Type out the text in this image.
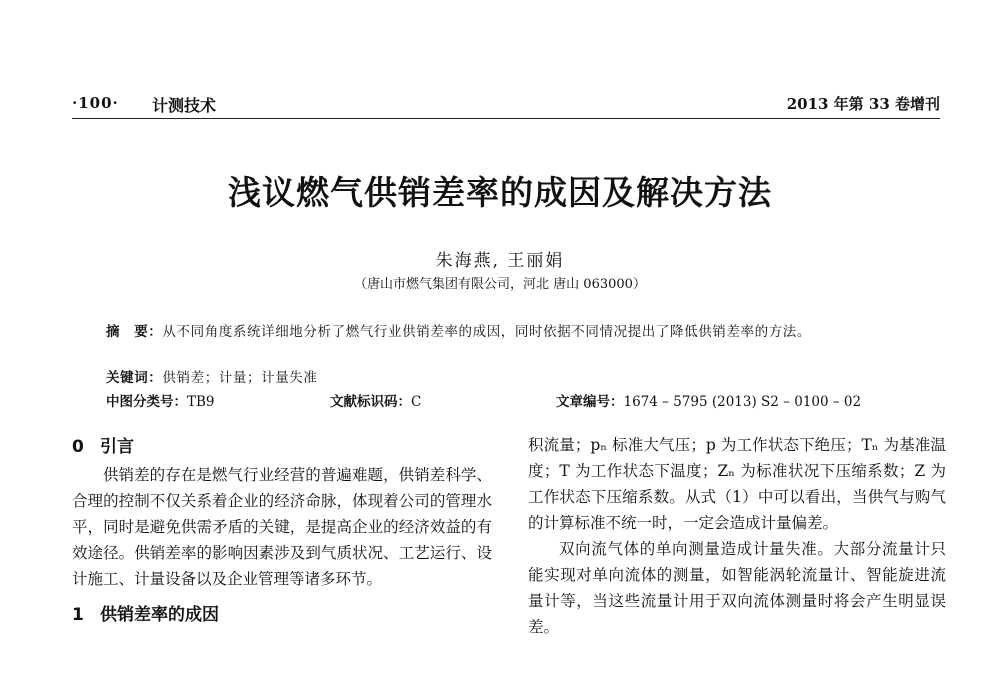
·100· 计测技术	2013 年第 33 卷增刊
浅议燃气供销差率的成因及解决方法
朱海燕, 王丽娟
（唐山市燃气集团有限公司，河北 唐山 063000）
摘　要：从不同角度系统详细地分析了燃气行业供销差率的成因，同时依据不同情况提出了降低供销差率的方法。
关键词：供销差；计量；计量失准
中图分类号：TB9	文献标识码：C	文章编号：1674 – 5795 (2013) S2 – 0100 – 02
0 引言

供销差的存在是燃气行业经营的普遍难题，供销差科学、合理的控制不仅关系着企业的经济命脉，体现着公司的管理水平，同时是避免供需矛盾的关键，是提高企业的经济效益的有效途径。供销差率的影响因素涉及到气质状况、工艺运行、设计施工、计量设备以及企业管理等诸多环节。

1 供销差率的成因

积流量；pₙ 标准大气压；p 为工作状态下绝压；Tₙ 为基准温度；T 为工作状态下温度；Zₙ 为标准状况下压缩系数；Z 为工作状态下压缩系数。从式（1）中可以看出，当供气与购气的计算标准不统一时，一定会造成计量偏差。

双向流气体的单向测量造成计量失准。大部分流量计只能实现对单向流体的测量，如智能涡轮流量计、智能旋进流量计等，当这些流量计用于双向流体测量时将会产生明显误差。
